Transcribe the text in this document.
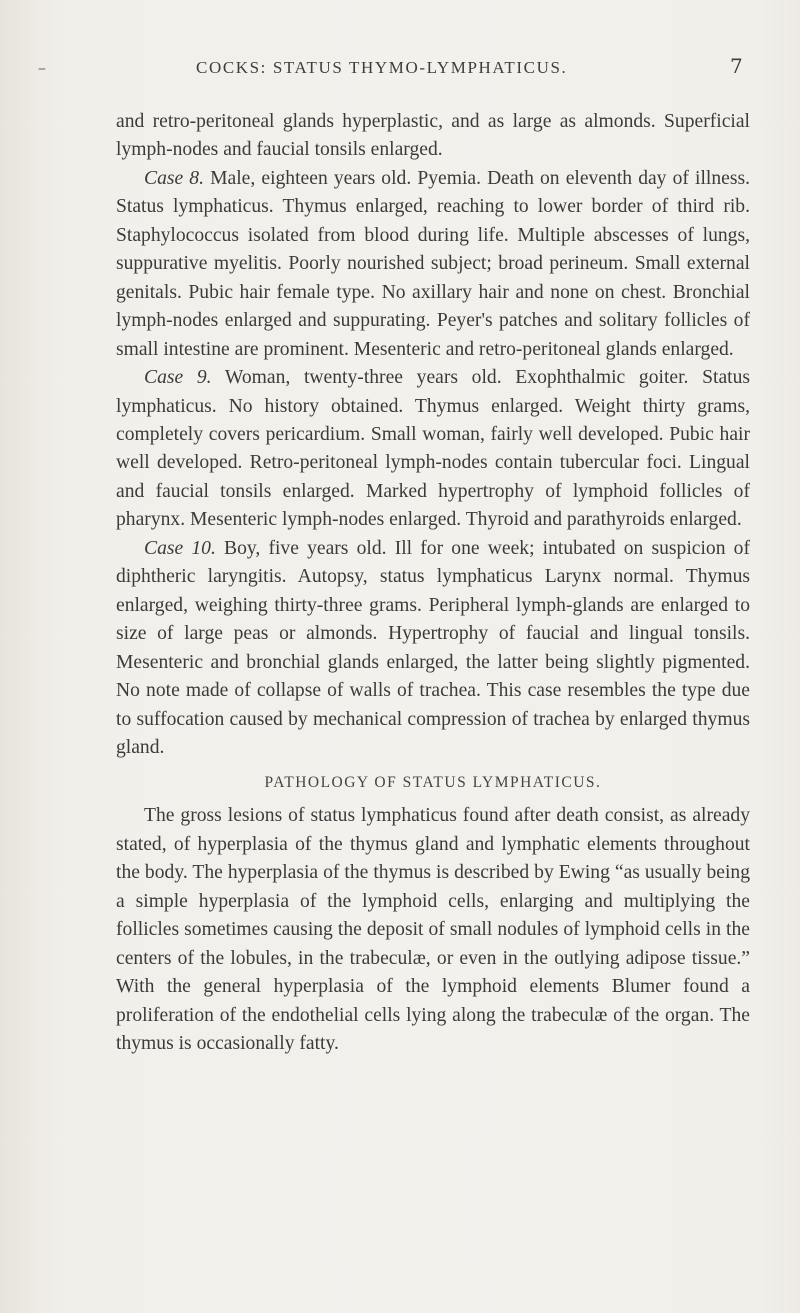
–	COCKS: STATUS THYMO-LYMPHATICUS.	7

and retro-peritoneal glands hyperplastic, and as large as almonds. Superficial lymph-nodes and faucial tonsils enlarged.

Case 8. Male, eighteen years old. Pyemia. Death on eleventh day of illness. Status lymphaticus. Thymus enlarged, reaching to lower border of third rib. Staphylococcus isolated from blood during life. Multiple abscesses of lungs, suppurative myelitis. Poorly nourished subject; broad perineum. Small external genitals. Pubic hair female type. No axillary hair and none on chest. Bronchial lymph-nodes enlarged and suppurating. Peyer's patches and solitary follicles of small intestine are prominent. Mesenteric and retro-peritoneal glands enlarged.

Case 9. Woman, twenty-three years old. Exophthalmic goiter. Status lymphaticus. No history obtained. Thymus enlarged. Weight thirty grams, completely covers pericardium. Small woman, fairly well developed. Pubic hair well developed. Retro-peritoneal lymph-nodes contain tubercular foci. Lingual and faucial tonsils enlarged. Marked hypertrophy of lymphoid follicles of pharynx. Mesenteric lymph-nodes enlarged. Thyroid and parathyroids enlarged.

Case 10. Boy, five years old. Ill for one week; intubated on suspicion of diphtheric laryngitis. Autopsy, status lymphaticus Larynx normal. Thymus enlarged, weighing thirty-three grams. Peripheral lymph-glands are enlarged to size of large peas or almonds. Hypertrophy of faucial and lingual tonsils. Mesenteric and bronchial glands enlarged, the latter being slightly pigmented. No note made of collapse of walls of trachea. This case resembles the type due to suffocation caused by mechanical compression of trachea by enlarged thymus gland.

PATHOLOGY OF STATUS LYMPHATICUS.

The gross lesions of status lymphaticus found after death consist, as already stated, of hyperplasia of the thymus gland and lymphatic elements throughout the body. The hyperplasia of the thymus is described by Ewing “as usually being a simple hyperplasia of the lymphoid cells, enlarging and multiplying the follicles sometimes causing the deposit of small nodules of lymphoid cells in the centers of the lobules, in the trabeculæ, or even in the outlying adipose tissue.” With the general hyperplasia of the lymphoid elements Blumer found a proliferation of the endothelial cells lying along the trabeculæ of the organ. The thymus is occasionally fatty.
